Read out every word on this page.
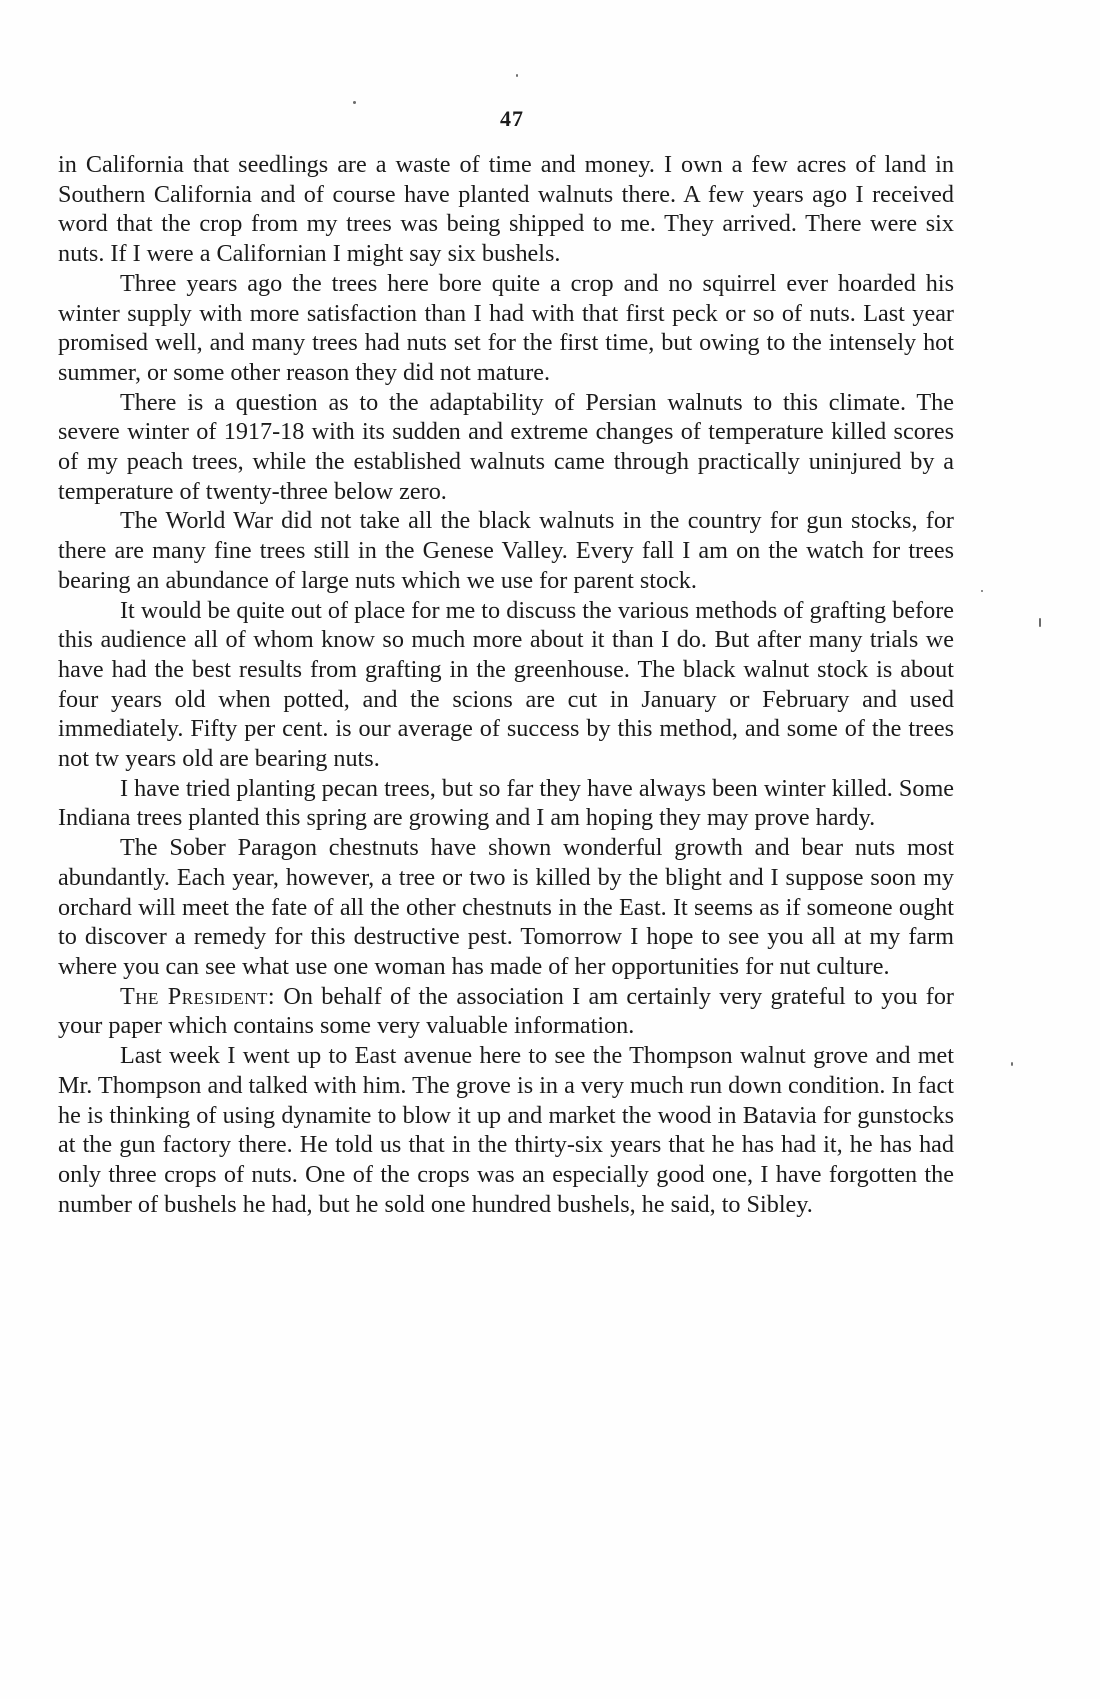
47

in California that seedlings are a waste of time and money. I own a few acres of land in Southern California and of course have planted walnuts there. A few years ago I received word that the crop from my trees was being shipped to me. They arrived. There were six nuts. If I were a Californian I might say six bushels.

Three years ago the trees here bore quite a crop and no squirrel ever hoarded his winter supply with more satisfaction than I had with that first peck or so of nuts. Last year promised well, and many trees had nuts set for the first time, but owing to the intensely hot summer, or some other reason they did not mature.

There is a question as to the adaptability of Persian walnuts to this climate. The severe winter of 1917-18 with its sudden and extreme changes of temperature killed scores of my peach trees, while the established walnuts came through practically uninjured by a temperature of twenty-three below zero.

The World War did not take all the black walnuts in the country for gun stocks, for there are many fine trees still in the Genese Valley. Every fall I am on the watch for trees bearing an abundance of large nuts which we use for parent stock.

It would be quite out of place for me to discuss the various methods of grafting before this audience all of whom know so much more about it than I do. But after many trials we have had the best results from grafting in the greenhouse. The black walnut stock is about four years old when potted, and the scions are cut in January or February and used immediately. Fifty per cent. is our average of success by this method, and some of the trees not tw years old are bearing nuts.

I have tried planting pecan trees, but so far they have always been winter killed. Some Indiana trees planted this spring are growing and I am hoping they may prove hardy.

The Sober Paragon chestnuts have shown wonderful growth and bear nuts most abundantly. Each year, however, a tree or two is killed by the blight and I suppose soon my orchard will meet the fate of all the other chestnuts in the East. It seems as if someone ought to discover a remedy for this destructive pest. Tomorrow I hope to see you all at my farm where you can see what use one woman has made of her opportunities for nut culture.

The President: On behalf of the association I am certainly very grateful to you for your paper which contains some very valuable information.

Last week I went up to East avenue here to see the Thompson walnut grove and met Mr. Thompson and talked with him. The grove is in a very much run down condition. In fact he is thinking of using dynamite to blow it up and market the wood in Batavia for gunstocks at the gun factory there. He told us that in the thirty-six years that he has had it, he has had only three crops of nuts. One of the crops was an especially good one, I have forgotten the number of bushels he had, but he sold one hundred bushels, he said, to Sibley.
